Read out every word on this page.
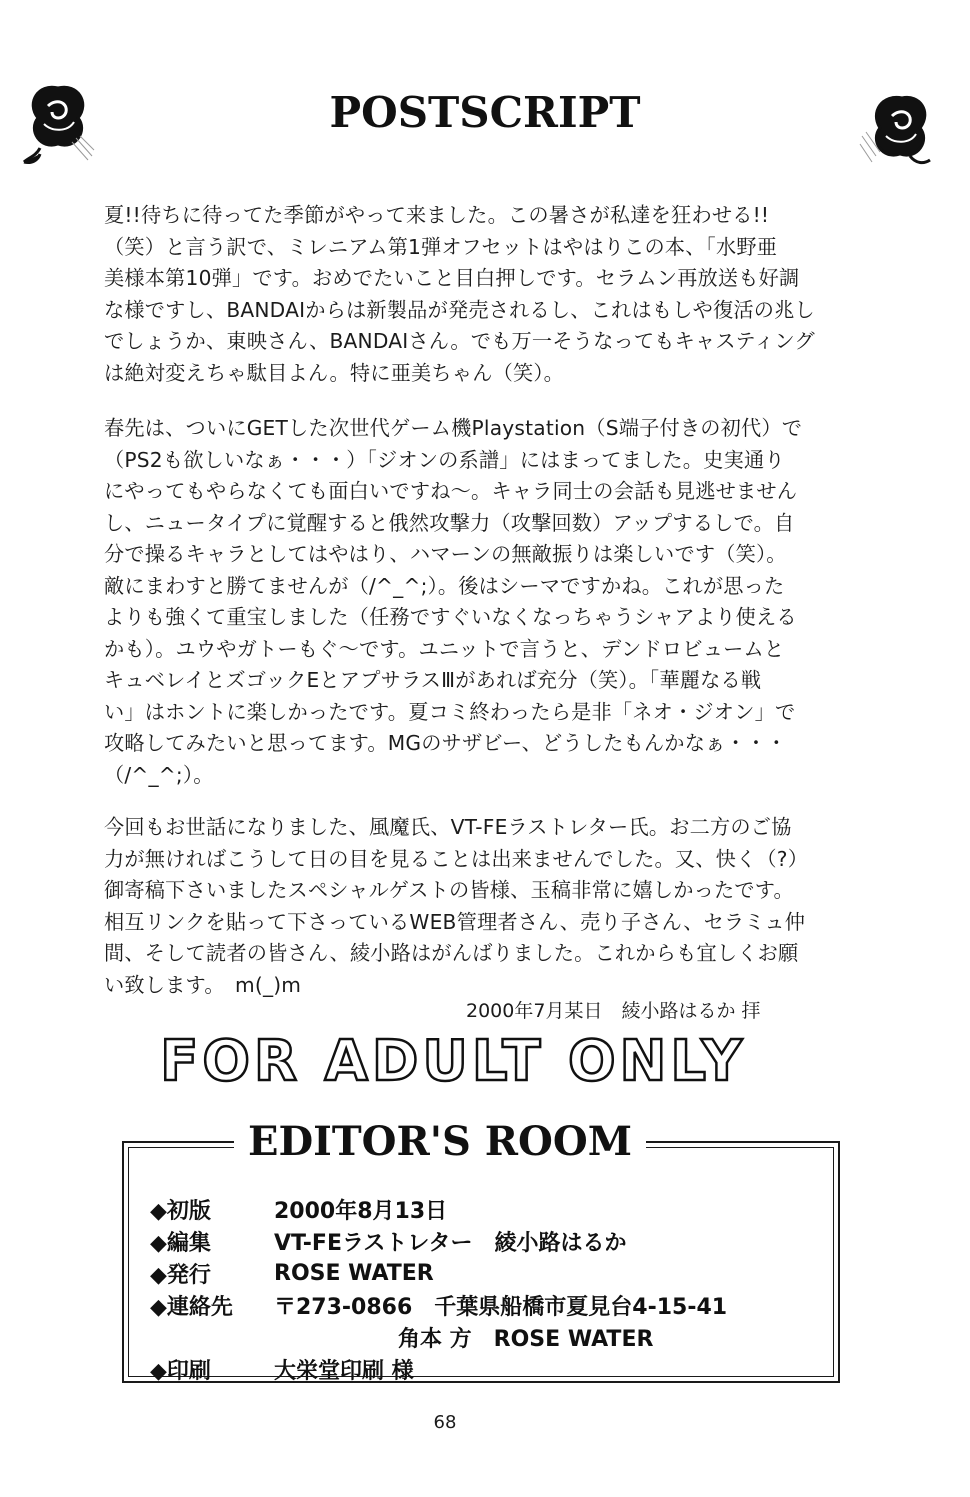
POSTSCRIPT

夏!!待ちに待ってた季節がやって来ました。この暑さが私達を狂わせる!!

（笑）と言う訳で、ミレニアム第1弾オフセットはやはりこの本、「水野亜

美様本第10弾」です。おめでたいこと目白押しです。セラムン再放送も好調

な様ですし、BANDAIからは新製品が発売されるし、これはもしや復活の兆し

でしょうか、東映さん、BANDAIさん。でも万一そうなってもキャスティング

は絶対変えちゃ駄目よん。特に亜美ちゃん（笑）。

春先は、ついにGETした次世代ゲーム機Playstation（S端子付きの初代）で

（PS2も欲しいなぁ・・・）「ジオンの系譜」にはまってました。史実通り

にやってもやらなくても面白いですね～。キャラ同士の会話も見逃せません

し、ニュータイプに覚醒すると俄然攻撃力（攻撃回数）アップするしで。自

分で操るキャラとしてはやはり、ハマーンの無敵振りは楽しいです（笑）。

敵にまわすと勝てませんが（/^_^;）。後はシーマですかね。これが思った

よりも強くて重宝しました（任務ですぐいなくなっちゃうシャアより使える

かも）。ユウやガトーもぐ～です。ユニットで言うと、デンドロビュームと

キュベレイとズゴックEとアプサラスⅢがあれば充分（笑）。「華麗なる戦

い」はホントに楽しかったです。夏コミ終わったら是非「ネオ・ジオン」で

攻略してみたいと思ってます。MGのサザビー、どうしたもんかなぁ・・・

（/^_^;）。

今回もお世話になりました、風魔氏、VT-FEラストレター氏。お二方のご協

力が無ければこうして日の目を見ることは出来ませんでした。又、快く（?）

御寄稿下さいましたスペシャルゲストの皆様、玉稿非常に嬉しかったです。

相互リンクを貼って下さっているWEB管理者さん、売り子さん、セラミュ仲

間、そして読者の皆さん、綾小路はがんばりました。これからも宜しくお願

い致します。　m(_)m

2000年7月某日　綾小路はるか 拝
FOR ADULT ONLY
EDITOR'S ROOM
◆初版	2000年8月13日
◆編集	VT-FEラストレター　綾小路はるか
◆発行	ROSE WATER
◆連絡先	〒273-0866　千葉県船橋市夏見台4-15-41
角本 方　ROSE WATER
◆印刷	大栄堂印刷 様
68
